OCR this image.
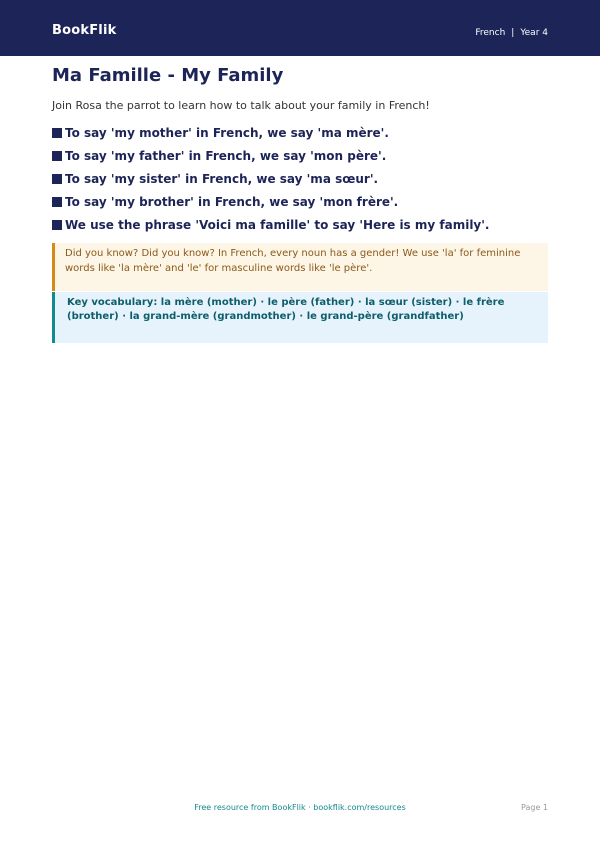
BookFlik	French | Year 4
Ma Famille - My Family
Join Rosa the parrot to learn how to talk about your family in French!
To say 'my mother' in French, we say 'ma mère'.
To say 'my father' in French, we say 'mon père'.
To say 'my sister' in French, we say 'ma sœur'.
To say 'my brother' in French, we say 'mon frère'.
We use the phrase 'Voici ma famille' to say 'Here is my family'.
Did you know? Did you know? In French, every noun has a gender! We use 'la' for feminine words like 'la mère' and 'le' for masculine words like 'le père'.
Key vocabulary: la mère (mother) · le père (father) · la sœur (sister) · le frère (brother) · la grand-mère (grandmother) · le grand-père (grandfather)
Free resource from BookFlik · bookflik.com/resources	Page 1
